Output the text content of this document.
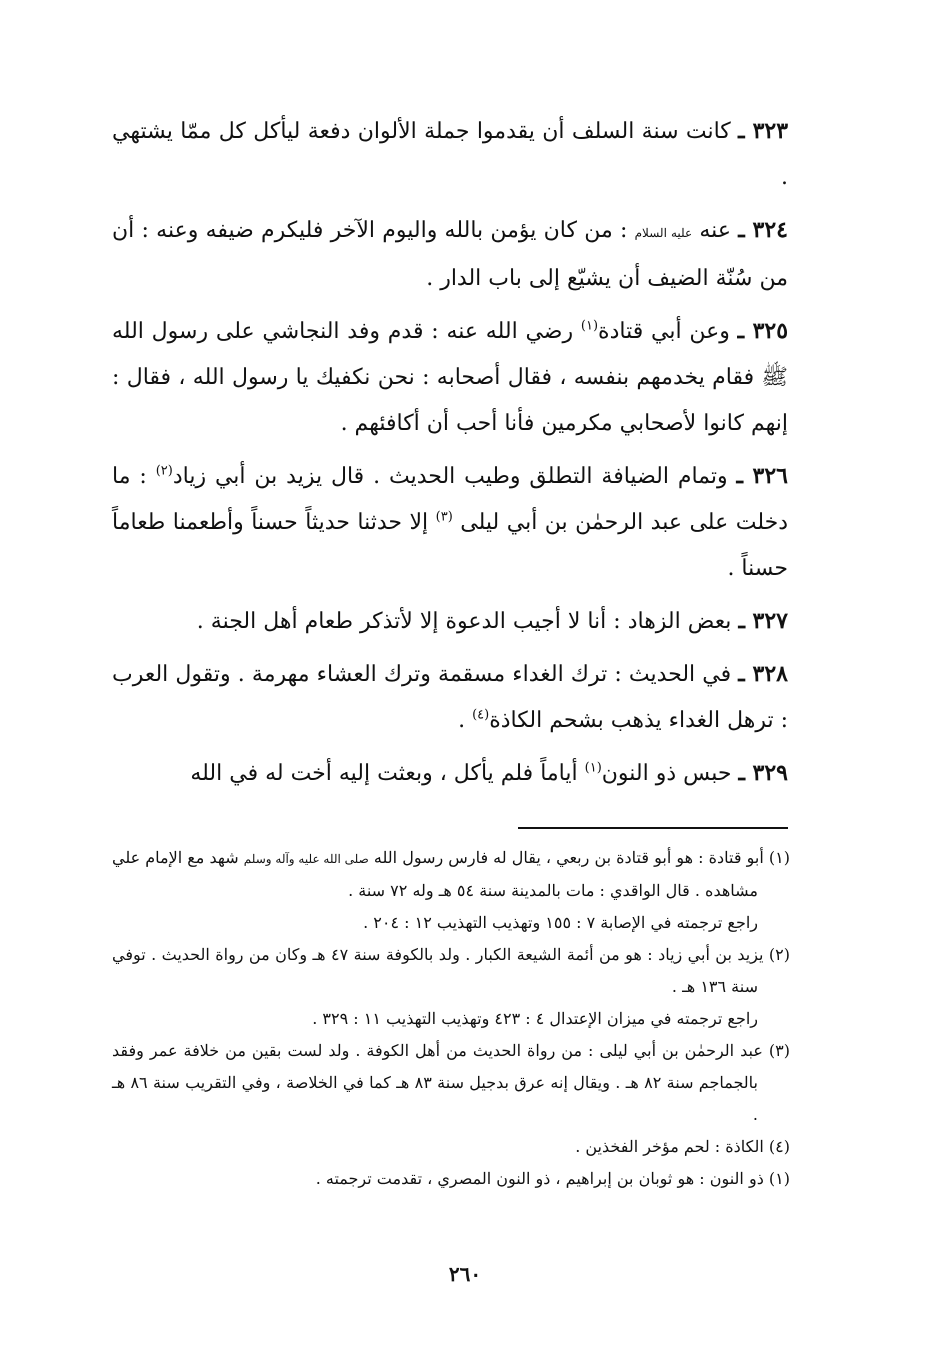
٣٢٣ ـ كانت سنة السلف أن يقدموا جملة الألوان دفعة ليأكل كل ممّا يشتهي .

٣٢٤ ـ عنه عليه السلام : من كان يؤمن بالله واليوم الآخر فليكرم ضيفه وعنه : أن من سُنّة الضيف أن يشيّع إلى باب الدار .

٣٢٥ ـ وعن أبي قتادة$^{(١)}$ رضي الله عنه : قدم وفد النجاشي على رسول الله ﷺ فقام يخدمهم بنفسه ، فقال أصحابه : نحن نكفيك يا رسول الله ، فقال : إنهم كانوا لأصحابي مكرمين فأنا أحب أن أكافئهم .

٣٢٦ ـ وتمام الضيافة التطلق وطيب الحديث . قال يزيد بن أبي زياد$^{(٢)}$ : ما دخلت على عبد الرحمٰن بن أبي ليلى $^{(٣)}$ إلا حدثنا حديثاً حسناً وأطعمنا طعاماً حسناً .

٣٢٧ ـ بعض الزهاد : أنا لا أجيب الدعوة إلا لأتذكر طعام أهل الجنة .

٣٢٨ ـ في الحديث : ترك الغداء مسقمة وترك العشاء مهرمة . وتقول العرب : ترهل الغداء يذهب بشحم الكاذة$^{(٤)}$ .

٣٢٩ ـ حبس ذو النون$^{(١)}$ أياماً فلم يأكل ، وبعثت إليه أخت له في الله

(١) أبو قتادة : هو أبو قتادة بن ربعي ، يقال له فارس رسول الله صلى الله عليه وآله وسلم شهد مع الإمام علي مشاهده . قال الواقدي : مات بالمدينة سنة ٥٤ هـ وله ٧٢ سنة .

راجع ترجمته في الإصابة ٧ : ١٥٥ وتهذيب التهذيب ١٢ : ٢٠٤ .

(٢) يزيد بن أبي زياد : هو من أئمة الشيعة الكبار . ولد بالكوفة سنة ٤٧ هـ وكان من رواة الحديث . توفي سنة ١٣٦ هـ .

راجع ترجمته في ميزان الإعتدال ٤ : ٤٢٣ وتهذيب التهذيب ١١ : ٣٢٩ .

(٣) عبد الرحمٰن بن أبي ليلى : من رواة الحديث من أهل الكوفة . ولد لست بقين من خلافة عمر وفقد بالجماجم سنة ٨٢ هـ . ويقال إنه عرق بدجيل سنة ٨٣ هـ كما في الخلاصة ، وفي التقريب سنة ٨٦ هـ .

(٤) الكاذة : لحم مؤخر الفخذين .

(١) ذو النون : هو ثوبان بن إبراهيم ، ذو النون المصري ، تقدمت ترجمته .

٢٦٠
